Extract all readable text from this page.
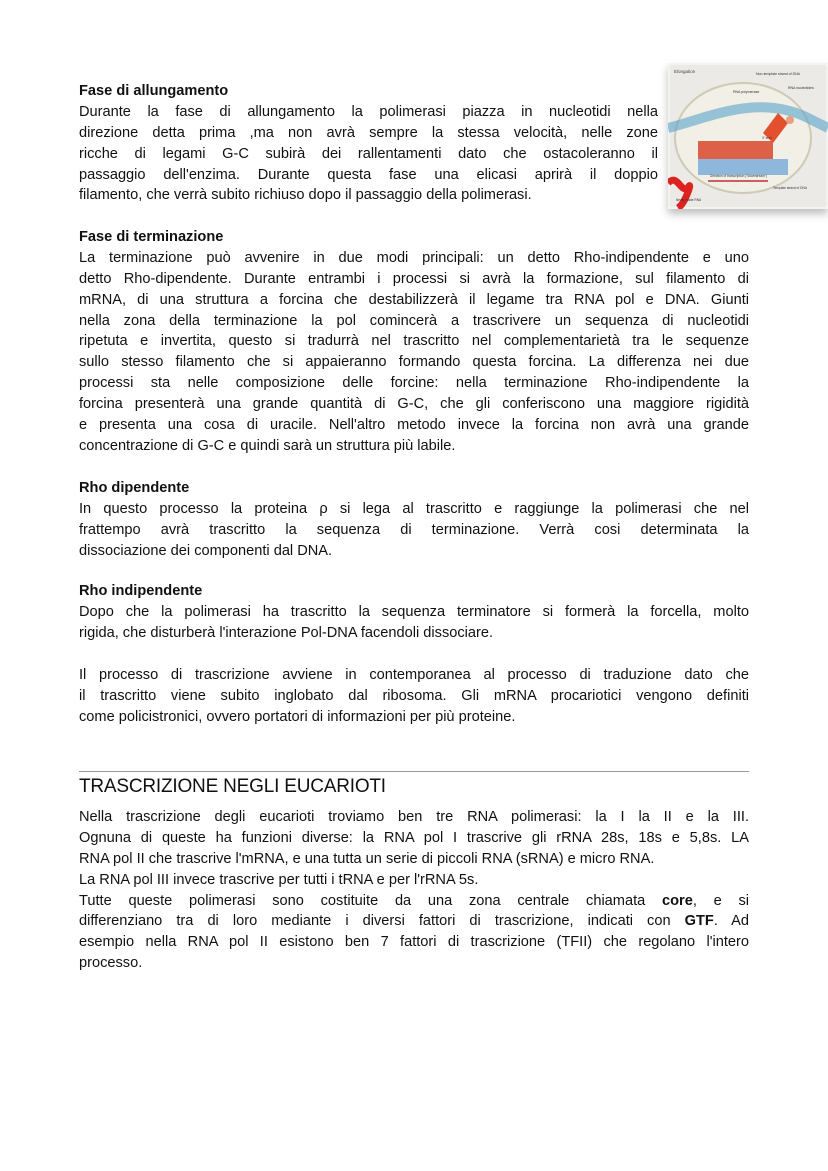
Elongation
RNA polymerase
Non-template strand of DNA
RNA nucleotides
3' end
Direction of transcription ("downstream")
Template strand of DNA
Newly made RNA
Fase di allungamento
Durante la fase di allungamento la polimerasi piazza in nucleotidi nella
direzione detta prima ,ma non avrà sempre la stessa velocità, nelle zone
ricche di legami G-C subirà dei rallentamenti dato che ostacoleranno il
passaggio dell'enzima. Durante questa fase una elicasi aprirà il doppio
filamento, che verrà subito richiuso dopo il passaggio della polimerasi.
Fase di terminazione
La terminazione può avvenire in due modi principali: un detto Rho-indipendente e uno
detto Rho-dipendente. Durante entrambi i processi si avrà la formazione, sul filamento di
mRNA, di una struttura a forcina che destabilizzerà il legame tra RNA pol e DNA. Giunti
nella zona della terminazione la pol comincerà a trascrivere un sequenza di nucleotidi
ripetuta e invertita, questo si tradurrà nel trascritto nel complementarietà tra le sequenze
sullo stesso filamento che si appaieranno formando questa forcina. La differenza nei due
processi sta nelle composizione delle forcine: nella terminazione Rho-indipendente la
forcina presenterà una grande quantità di G-C, che gli conferiscono una maggiore rigidità
e presenta una cosa di uracile. Nell'altro metodo invece la forcina non avrà una grande
concentrazione di G-C e quindi sarà un struttura più labile.
Rho dipendente
In questo processo la proteina ρ si lega al trascritto e raggiunge la polimerasi che nel
frattempo avrà trascritto la sequenza di terminazione. Verrà cosi determinata la
dissociazione dei componenti dal DNA.
Rho indipendente
Dopo che la polimerasi ha trascritto la sequenza terminatore si formerà la forcella, molto
rigida, che disturberà l'interazione Pol-DNA facendoli dissociare.
Il processo di trascrizione avviene in contemporanea al processo di traduzione dato che
il trascritto viene subito inglobato dal ribosoma. Gli mRNA procariotici vengono definiti
come policistronici, ovvero portatori di informazioni per più proteine.
TRASCRIZIONE NEGLI EUCARIOTI
Nella trascrizione degli eucarioti troviamo ben tre RNA polimerasi: la I la II e la III.
Ognuna di queste ha funzioni diverse: la RNA pol I trascrive gli rRNA 28s, 18s e 5,8s. LA
RNA pol II che trascrive l'mRNA, e una tutta un serie di piccoli RNA (sRNA) e micro RNA.
La RNA pol III invece trascrive per tutti i tRNA e per l'rRNA 5s.
Tutte queste polimerasi sono costituite da una zona centrale chiamata core, e si
differenziano tra di loro mediante i diversi fattori di trascrizione, indicati con GTF. Ad
esempio nella RNA pol II esistono ben 7 fattori di trascrizione (TFII) che regolano l'intero
processo.
